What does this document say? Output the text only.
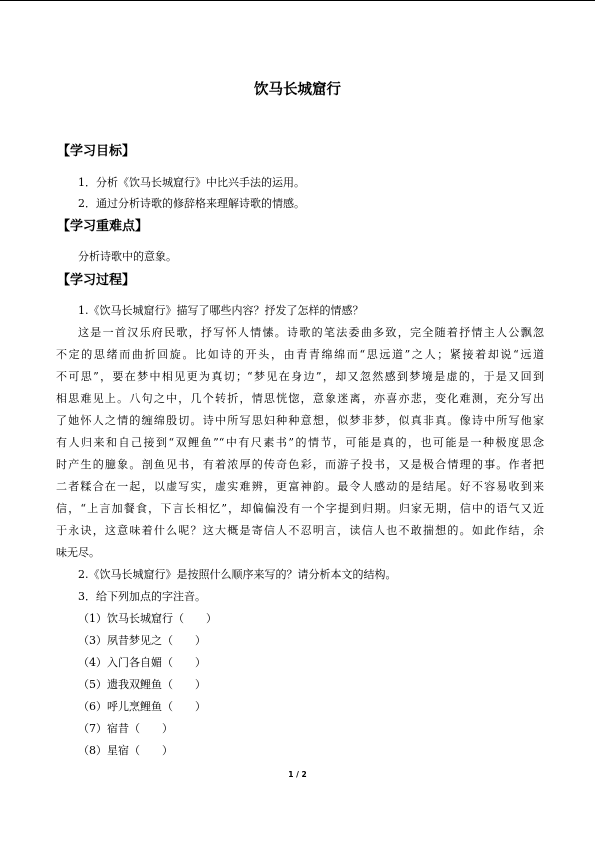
饮马长城窟行
【学习目标】
1．分析《饮马长城窟行》中比兴手法的运用。
2．通过分析诗歌的修辞格来理解诗歌的情感。
【学习重难点】
分析诗歌中的意象。
【学习过程】
1.《饮马长城窟行》描写了哪些内容？抒发了怎样的情感？
这是一首汉乐府民歌，抒写怀人情愫。诗歌的笔法委曲多致，完全随着抒情主人公飘忽
不定的思绪而曲折回旋。比如诗的开头，由青青绵绵而“思远道”之人；紧接着却说“远道
不可思”，要在梦中相见更为真切；“梦见在身边”，却又忽然感到梦境是虚的，于是又回到
相思难见上。八句之中，几个转折，情思恍惚，意象迷离，亦喜亦悲，变化难测，充分写出
了她怀人之情的缠绵殷切。诗中所写思妇种种意想，似梦非梦，似真非真。像诗中所写他家
有人归来和自己接到“双鲤鱼”“中有尺素书”的情节，可能是真的，也可能是一种极度思念
时产生的臆象。剖鱼见书，有着浓厚的传奇色彩，而游子投书，又是极合情理的事。作者把
二者糅合在一起，以虚写实，虚实难辨，更富神韵。最令人感动的是结尾。好不容易收到来
信，“上言加餐食，下言长相忆”，却偏偏没有一个字提到归期。归家无期，信中的语气又近
于永诀，这意味着什么呢？这大概是寄信人不忍明言，读信人也不敢揣想的。如此作结，余
味无尽。
2.《饮马长城窟行》是按照什么顺序来写的？请分析本文的结构。
3．给下列加点的字注音。
（1）饮马长城窟行（　　）
（3）夙昔梦见之（　　）
（4）入门各自媚（　　）
（5）遗我双鲤鱼（　　）
（6）呼儿烹鲤鱼（　　）
（7）宿昔（　　）
（8）星宿（　　）
1 / 2
